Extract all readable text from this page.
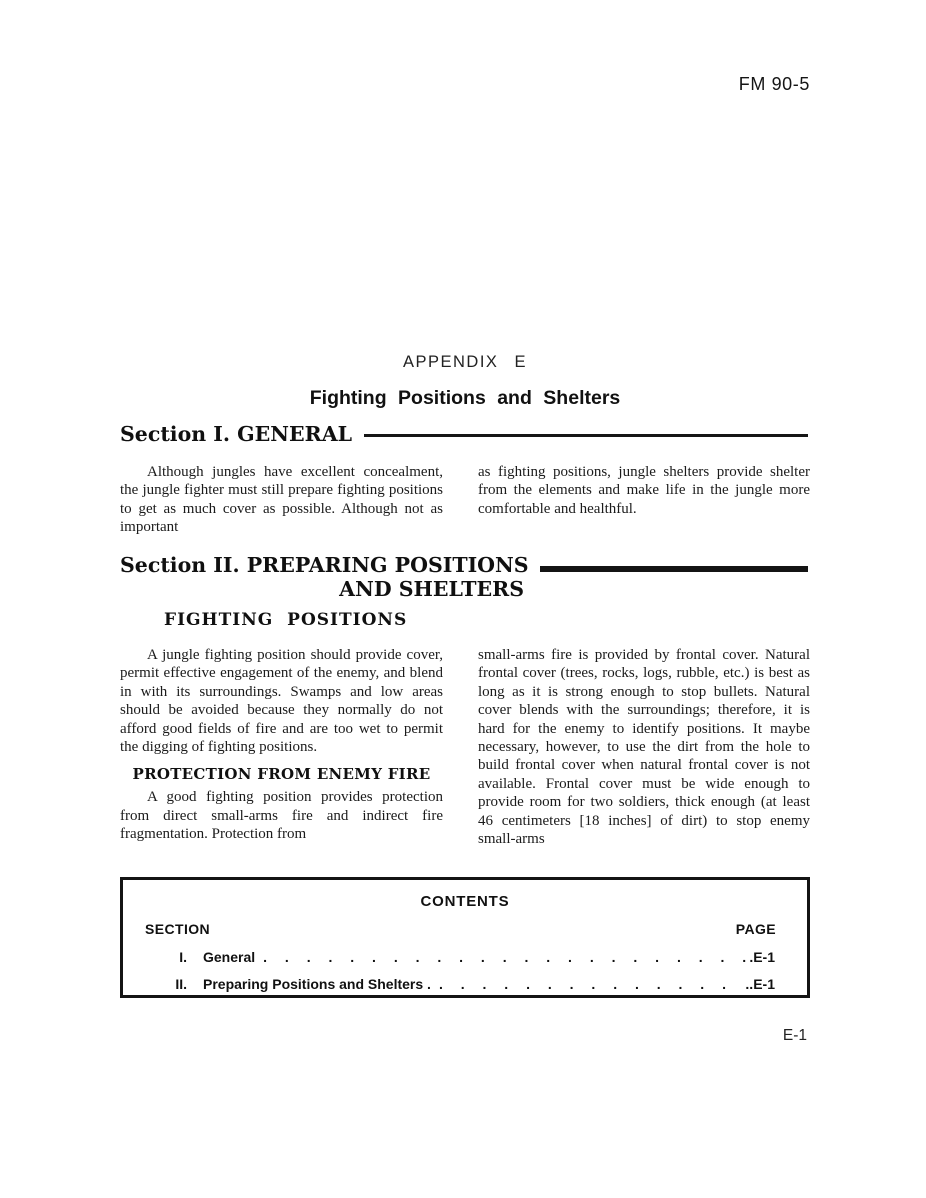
FM 90-5
APPENDIX E
Fighting Positions and Shelters
Section I. GENERAL

Although jungles have excellent concealment, the jungle fighter must still prepare fighting positions to get as much cover as possible. Although not as important

as fighting positions, jungle shelters provide shelter from the elements and make life in the jungle more comfortable and healthful.

Section II. PREPARING POSITIONS
AND SHELTERS
FIGHTING POSITIONS

A jungle fighting position should provide cover, permit effective engagement of the enemy, and blend in with its surroundings. Swamps and low areas should be avoided because they normally do not afford good fields of fire and are too wet to permit the digging of fighting positions.

PROTECTION FROM ENEMY FIRE

A good fighting position provides protection from direct small-arms fire and indirect fire fragmentation. Protection from

small-arms fire is provided by frontal cover. Natural frontal cover (trees, rocks, logs, rubble, etc.) is best as long as it is strong enough to stop bullets. Natural cover blends with the surroundings; therefore, it is hard for the enemy to identify positions. It maybe necessary, however, to use the dirt from the hole to build frontal cover when natural frontal cover is not available. Frontal cover must be wide enough to provide room for two soldiers, thick enough (at least 46 centimeters [18 inches] of dirt) to stop enemy small-arms

CONTENTS
SECTION	PAGE
I. General . . .	.E-1
II. Preparing Positions and Shelters . . . .	..E-1
E-1
